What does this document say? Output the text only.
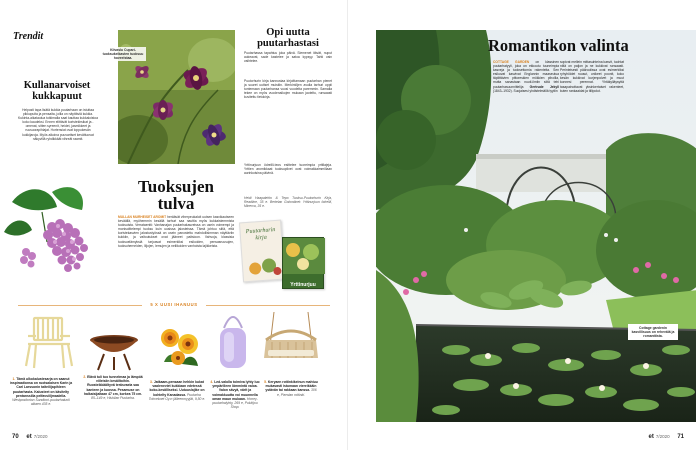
Trendit
Kiivaslu Cupari-tuoksukeikasten tuoksuu hoveelstaa.
Kullanarvoiset kukkapuut
Helposti tapa lisätä kukkia puutarhaan on istuttaa pikkupuita ja pensaita, joilla on näyttäviä kukkia. Kukinta-aikataulua tutkimalla saat kauttaa kukkaloistoa koko kaudeksi. Ennen elittävät koristekirsikat ja -omenat, sitten syreenit, heidet, jasmikkeet ja ruusuorapihlajat. Hortensiat ovat loppukesän kukkijaroja. Myös aikoina puuvartiset kevättuovat näkyvillä ryhdikkäät vihreät raamit.
Opi uutta puutarhastasi
Puutarhassa tapahtuu joka päivä. Siemenet itävät, nuput aukeavat, sade kastelee ja satoa kypsyy. Tahti vain vaihtelee.
Puutorhurin kirja kannustaa kirjoittamaan puutarhan pienet ja suuret uutiset muistiin. Merkintöjen avulla tarhuri oppii tuntemaan puutarhansa vuosi vuodelta paremmin. Samalla tekee on myös vuodenaikojen mukaan jaoteltu, runsaasti kuvitettu tietokirja.
Yrttinurjuun ödreilli-teos esittelee tuoreimpia yrttilajeja. Yrttien aromikkaat tuoksupilvet ovat voimakkaimmillaan aurinkoisina päivinä.
Heidi Haapalehto & Tepo Tuoksu-Puutorhurin Kirja, Readline, 35 e. Bertelan Golondinet: Yrttinurjuun ödreilli, Minerva, 35 e.
Tuoksujen tulva
MULLAN MURHEISET AROMIT heräävät viherpeukaloit uutsen kasvikautseen keväällä, myöhemmin kesällä tarhuri saa nauttia myös kukkaistemmista tuoksuista. Verrataentti: Vanhanajan puutarhakasveissa on usein voimempi ja monisolttelempi tuoksu kuin uusissa jalosteissa. Tämä johtuu siitä, että koristekasvien jalostustyössä on usein panostettu mahdollisimman näyttäviin kukkiin, ja valtoutukset ovat jääneet paitsioon. Vahvoja, klassisia tuoksuelämyksiä tarjoavat esimerkiksi esikoiden, pensasruusujen, tuoksuherneiden, liljojen, lemujen ja neilikoiden vanhoista lajikkeista.
Puutarhurin kirja
Yrttinurjuu
5 X UUSI IHANUUS
1. Tämä ulkokalustesarja on saanut inspiraationsa on ruotsalaisen Karin ja Carl Larssonin taiteilijapihleen puutarhasta. Kalusteet on käsitelty pentanssilla pelfavsiiljmaalella. Westpositorion Sundbori-puutarhatuoli alkaen 435 e.
2. Elävä tuli tuo tunnelmaa ja lämpöä viileisiin kesäiltoihin. Ruosteikkäältyvä teräsvaela saa kanteen ja kuossa. Pesamuse on halkaisijaltaan 47 cm, korkea 75 cm. 85–149 e, Hiukilan Puutarha.
3. Jatkaam-pensaan hehkin kukat vaaleneviet kukkiaan edetessä koko-kesälliseksi. Uutuuslajike on kohtelty Kanadassa. Puutarha Tohvekoet Oy:n jälleenmyyjät, 9,50 e.
4. Led-valolla toimiva lyhty luo ympärilleen lämmintä valoa. Valon sävyä, värit ja voimakkuutta voi muunnella oman maun mukaan. Honey-puutarhalyhty, 269 e, Pukkijou Shop.
5. Keryaen rottinkikeinun mahtuu mukavasti istumaan viereikkäin ystävän tai rakkaan kanssa. 306 e, Pierolan rottinki.
70 et 7/2020
Romantikon valinta
COTTAGE GARDEN on klassinen puutarhatyyli, joka on ekkoutu tuuneimpia kasveja ja tuoksettomia rakenteita. Sen esikuvat kasvivat Englannin maaseutua täplittävien pittoreskien mökkien pihoilla, mutta sanastaan nuuti-ilmiin siitä tehi puutarhasuunnittelija Gertrude Jekyll (1843–1932). Suojaisesi yhdistelmällä tyyliin
sopivat mellein mittasuhteina kasvit, tuohtat niitä on paljon ja ne kukkivat runsaasti. Perinteisesti pääroolissa ovat esimerkiksi ryhyhöidet ruusut, unikeet poonit, koko kesän kukkivat kurjenpolvet ja muut konnesi perennat. Yhtäkylläysyttä tasapainottavat yksinkertaiset rakenteet, kuten rankaaidat ja tiilipolut.
Cottage gardenin kasvillisuus on reheväiä ja romanttista.
et 7/2020 71
